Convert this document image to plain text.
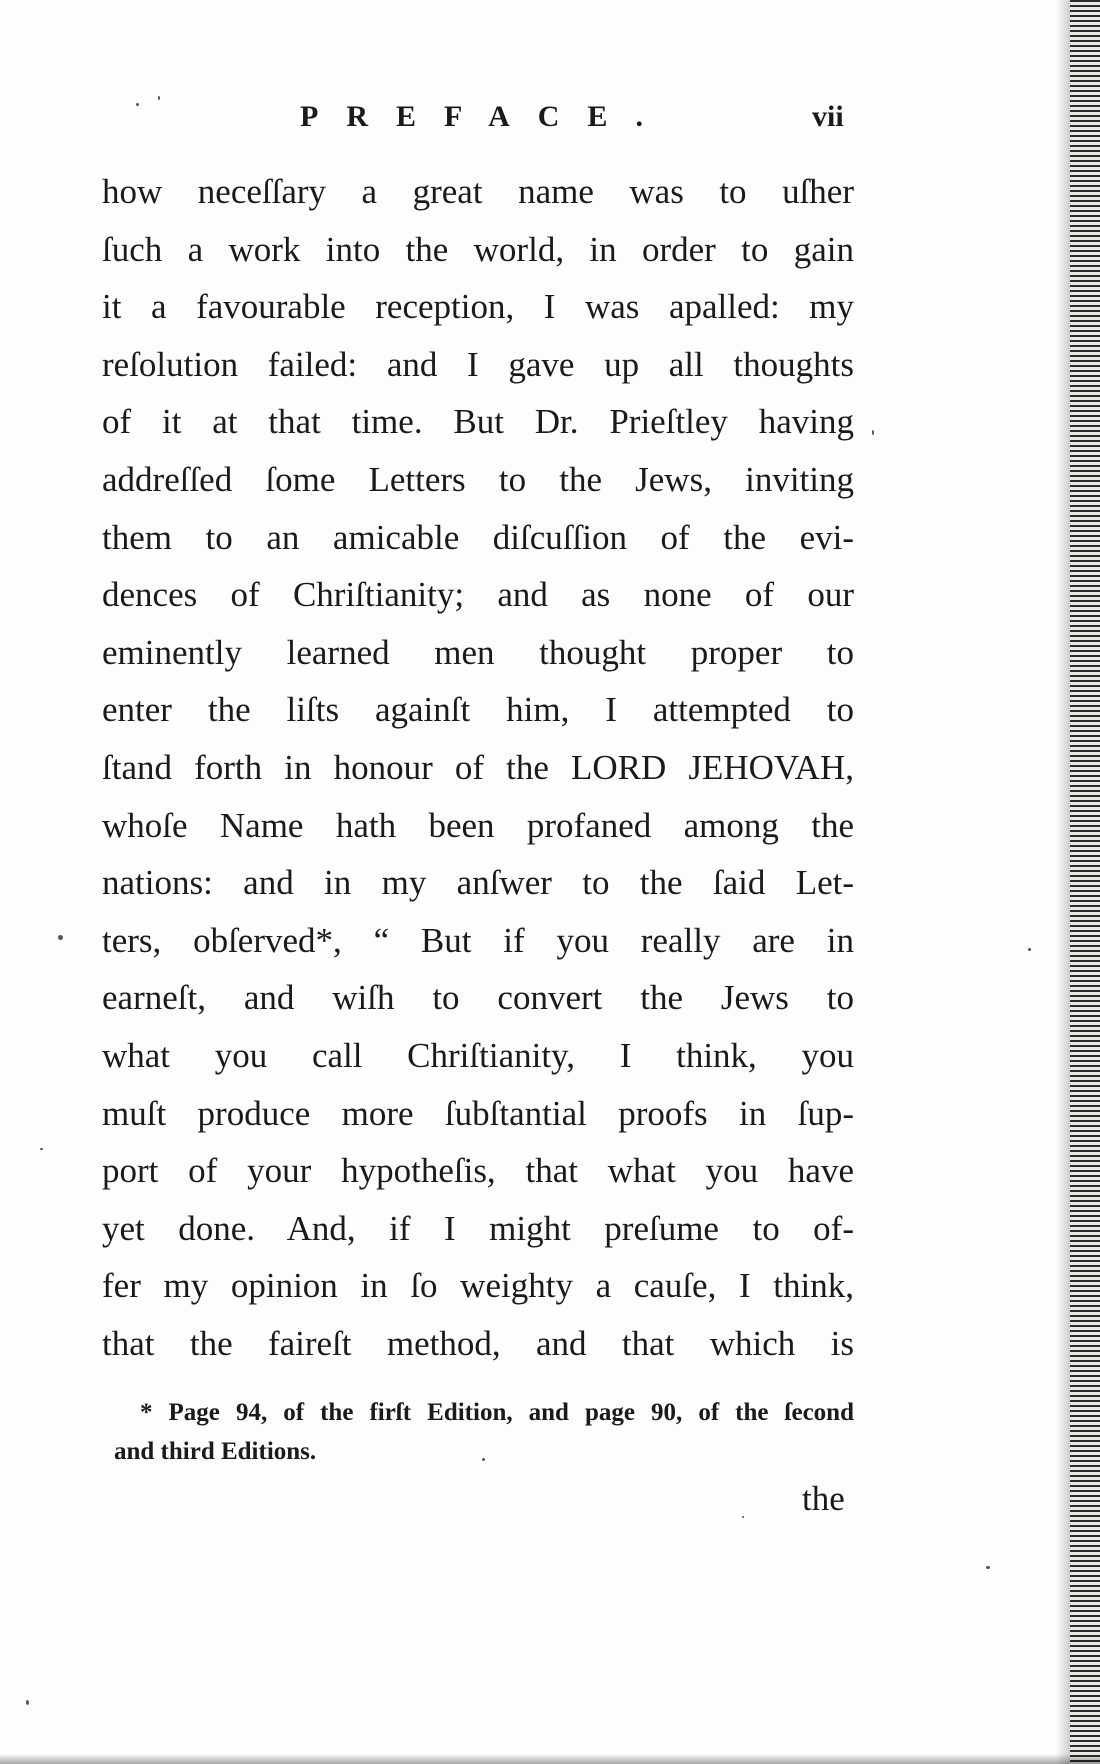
PREFACE.	vii
how neceſſary a great name was to uſher
ſuch a work into the world, in order to gain
it a favourable reception, I was apalled: my
reſolution failed: and I gave up all thoughts
of it at that time. But Dr. Prieſtley having
addreſſed ſome Letters to the Jews, inviting
them to an amicable diſcuſſion of the evi-
dences of Chriſtianity; and as none of our
eminently learned men thought proper to
enter the liſts againſt him, I attempted to
ſtand forth in honour of the LORD JEHOVAH,
whoſe Name hath been profaned among the
nations: and in my anſwer to the ſaid Let-
ters, obſerved*, “ But if you really are in
earneſt, and wiſh to convert the Jews to
what you call Chriſtianity, I think, you
muſt produce more ſubſtantial proofs in ſup-
port of your hypotheſis, that what you have
yet done. And, if I might preſume to of-
fer my opinion in ſo weighty a cauſe, I think,
that the faireſt method, and that which is
* Page 94, of the firſt Edition, and page 90, of the ſecond
and third Editions.
the
